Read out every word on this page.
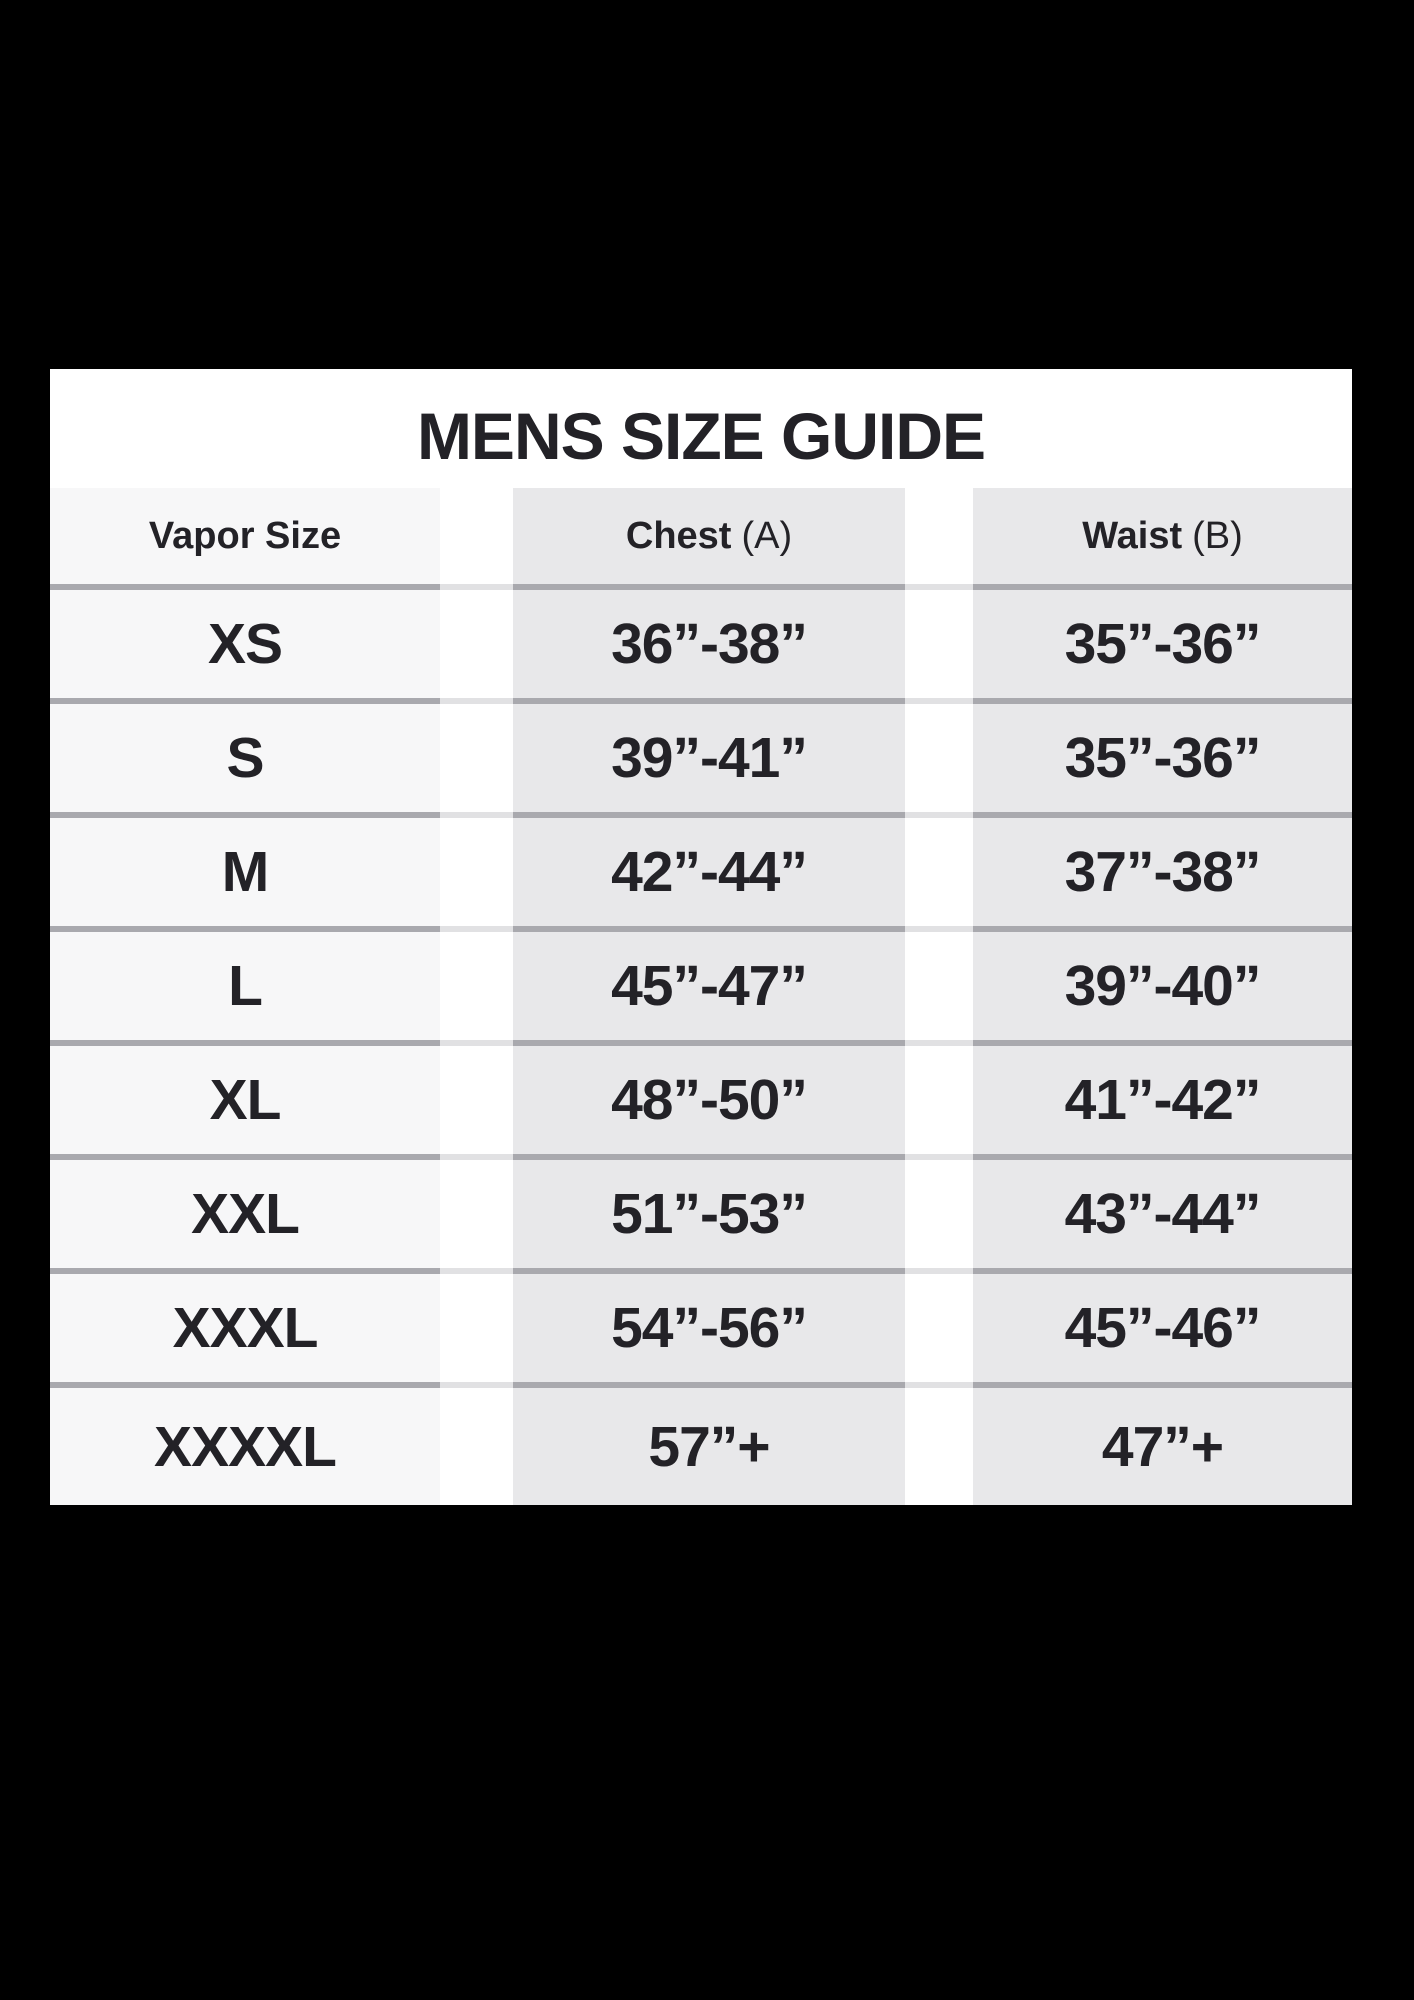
MENS SIZE GUIDE
Vapor Size	Chest (A)	Waist (B)
XS	36”-38”	35”-36”
S	39”-41”	35”-36”
M	42”-44”	37”-38”
L	45”-47”	39”-40”
XL	48”-50”	41”-42”
XXL	51”-53”	43”-44”
XXXL	54”-56”	45”-46”
XXXXL	57”+	47”+
